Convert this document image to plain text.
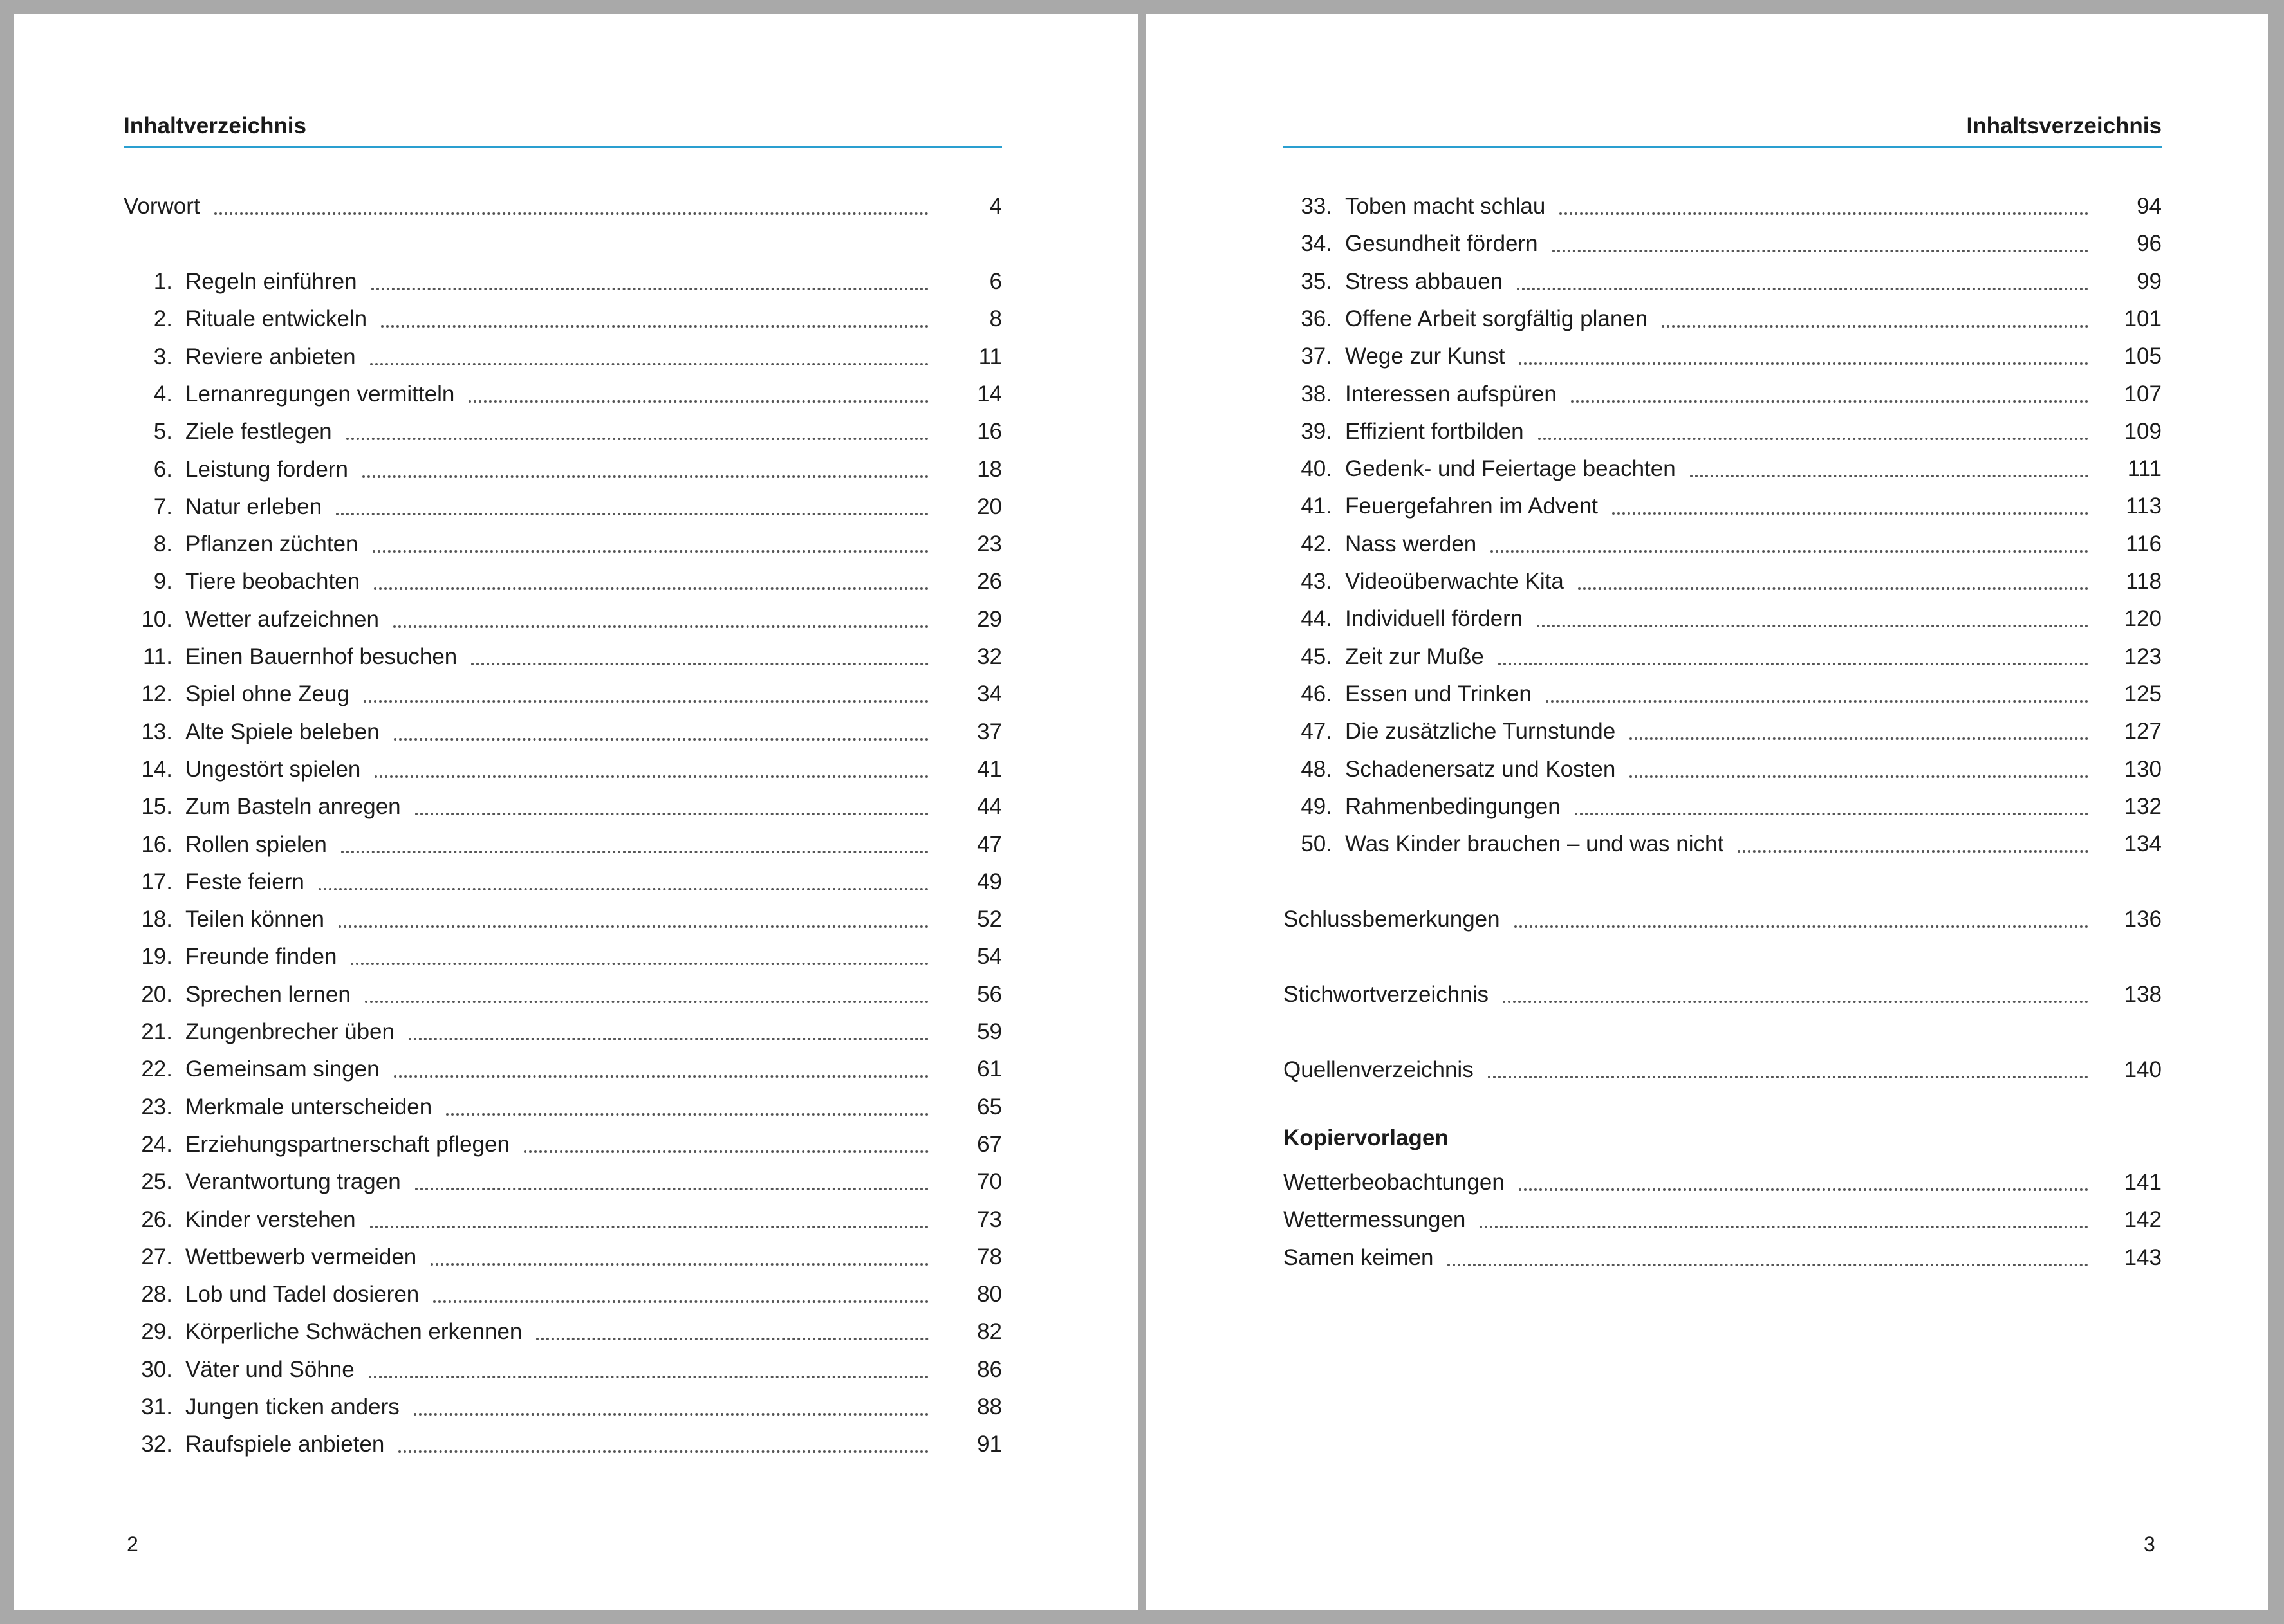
Inhaltverzeichnis
Vorwort	4
1. Regeln einführen	6
2. Rituale entwickeln	8
3. Reviere anbieten	11
4. Lernanregungen vermitteln	14
5. Ziele festlegen	16
6. Leistung fordern	18
7. Natur erleben	20
8. Pflanzen züchten	23
9. Tiere beobachten	26
10. Wetter aufzeichnen	29
11. Einen Bauernhof besuchen	32
12. Spiel ohne Zeug	34
13. Alte Spiele beleben	37
14. Ungestört spielen	41
15. Zum Basteln anregen	44
16. Rollen spielen	47
17. Feste feiern	49
18. Teilen können	52
19. Freunde finden	54
20. Sprechen lernen	56
21. Zungenbrecher üben	59
22. Gemeinsam singen	61
23. Merkmale unterscheiden	65
24. Erziehungspartnerschaft pflegen	67
25. Verantwortung tragen	70
26. Kinder verstehen	73
27. Wettbewerb vermeiden	78
28. Lob und Tadel dosieren	80
29. Körperliche Schwächen erkennen	82
30. Väter und Söhne	86
31. Jungen ticken anders	88
32. Raufspiele anbieten	91
2
Inhaltsverzeichnis
Kopiervorlagen
33. Toben macht schlau	94
34. Gesundheit fördern	96
35. Stress abbauen	99
36. Offene Arbeit sorgfältig planen	101
37. Wege zur Kunst	105
38. Interessen aufspüren	107
39. Effizient fortbilden	109
40. Gedenk- und Feiertage beachten	111
41. Feuergefahren im Advent	113
42. Nass werden	116
43. Videoüberwachte Kita	118
44. Individuell fördern	120
45. Zeit zur Muße	123
46. Essen und Trinken	125
47. Die zusätzliche Turnstunde	127
48. Schadenersatz und Kosten	130
49. Rahmenbedingungen	132
50. Was Kinder brauchen – und was nicht	134
Schlussbemerkungen	136
Stichwortverzeichnis	138
Quellenverzeichnis	140
Wetterbeobachtungen	141
Wettermessungen	142
Samen keimen	143
3
